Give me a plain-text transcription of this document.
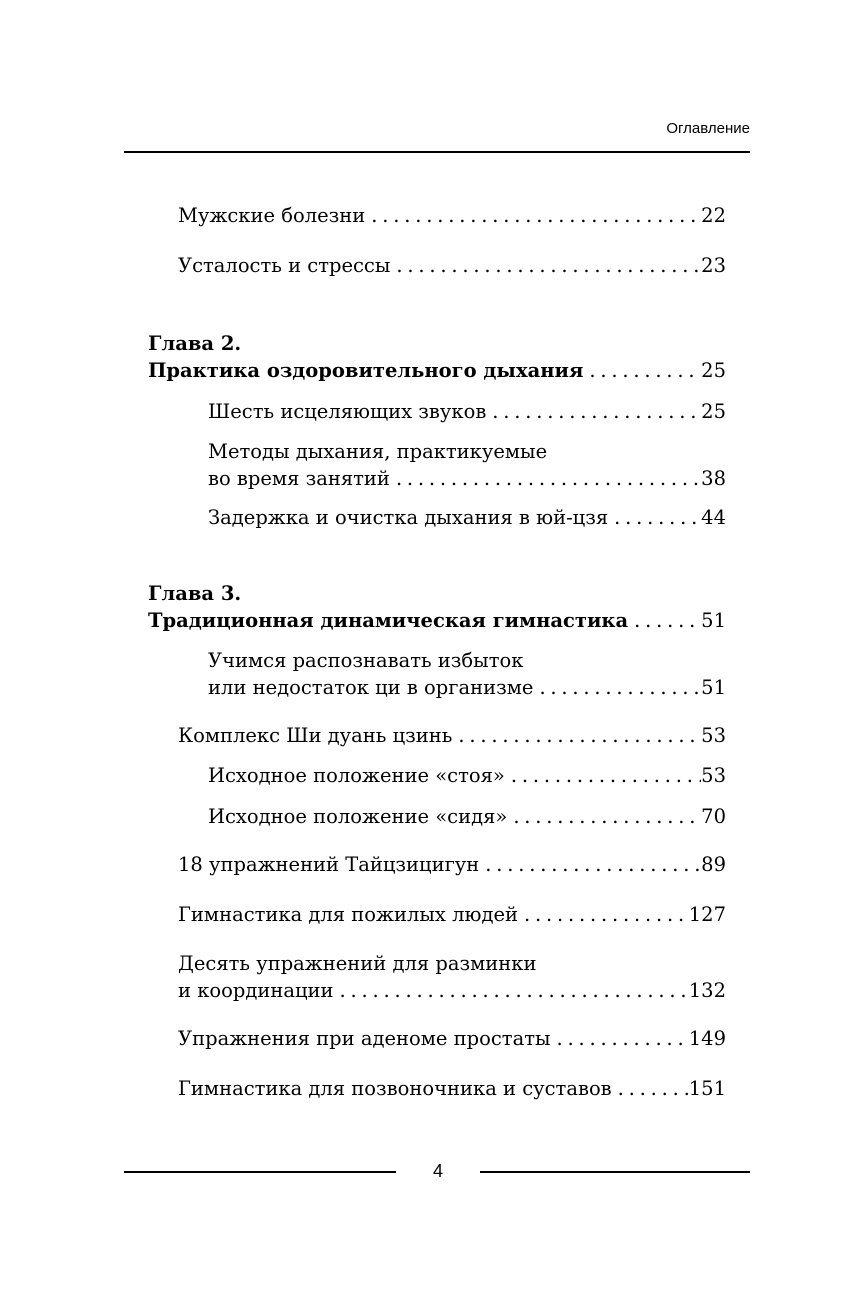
Оглавление
Мужские болезни . . .	22
Усталость и стрессы . . .	23
Глава 2.
Практика оздоровительного дыхания . . .	25
Шесть исцеляющих звуков . . .	25
Методы дыхания, практикуемые
во время занятий . . .	38
Задержка и очистка дыхания в юй-цзя . . .	44
Глава 3.
Традиционная динамическая гимнастика . . .	51
Учимся распознавать избыток
или недостаток ци в организме . . .	51
Комплекс Ши дуань цзинь . . .	53
Исходное положение «стоя» . . .	53
Исходное положение «сидя» . . .	70
18 упражнений Тайцзицигун . . .	89
Гимнастика для пожилых людей . . .	127
Десять упражнений для разминки
и координации . . .	132
Упражнения при аденоме простаты . . .	149
Гимнастика для позвоночника и суставов . . .	151
4
